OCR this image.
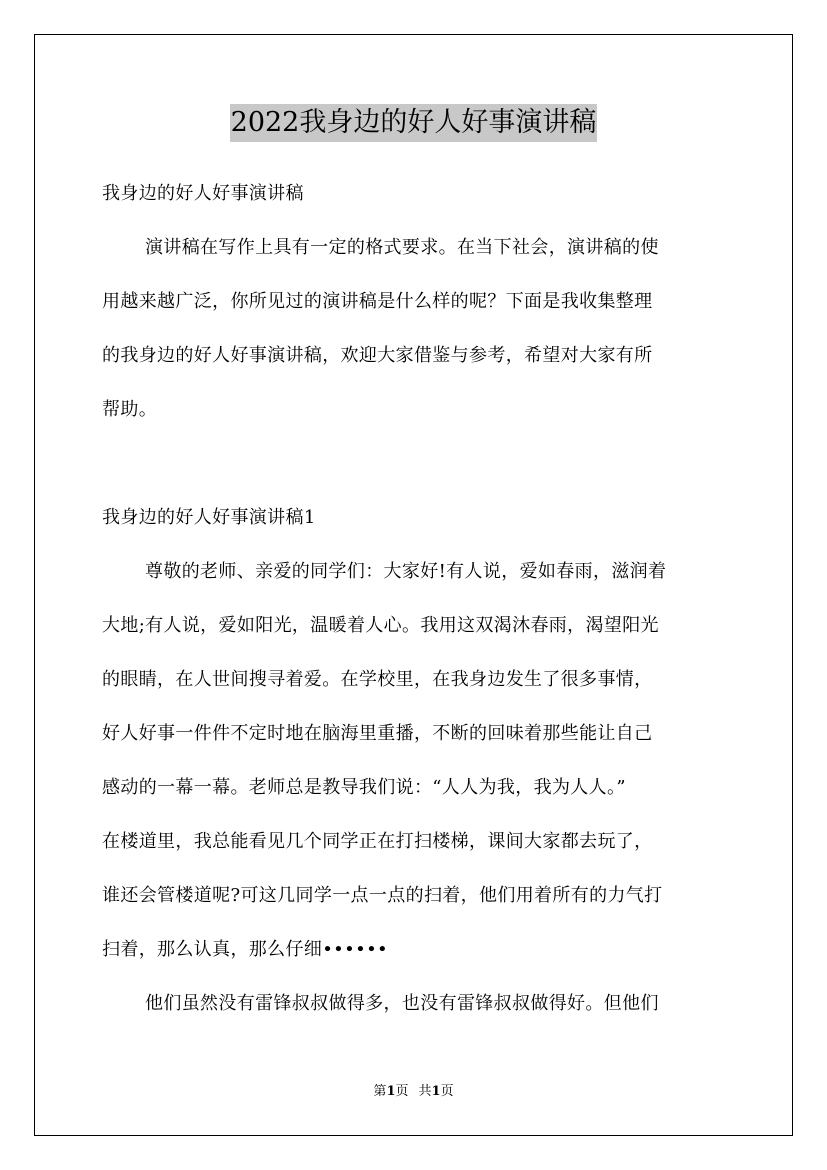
2022我身边的好人好事演讲稿
我身边的好人好事演讲稿
演讲稿在写作上具有一定的格式要求。在当下社会，演讲稿的使
用越来越广泛，你所见过的演讲稿是什么样的呢？下面是我收集整理
的我身边的好人好事演讲稿，欢迎大家借鉴与参考，希望对大家有所
帮助。
我身边的好人好事演讲稿1
尊敬的老师、亲爱的同学们：大家好!有人说，爱如春雨，滋润着
大地;有人说，爱如阳光，温暖着人心。我用这双渴沐春雨，渴望阳光
的眼睛，在人世间搜寻着爱。在学校里，在我身边发生了很多事情，
好人好事一件件不定时地在脑海里重播，不断的回味着那些能让自己
感动的一幕一幕。老师总是教导我们说：“人人为我，我为人人。”
在楼道里，我总能看见几个同学正在打扫楼梯，课间大家都去玩了，
谁还会管楼道呢?可这几同学一点一点的扫着，他们用着所有的力气打
扫着，那么认真，那么仔细••••••
他们虽然没有雷锋叔叔做得多，也没有雷锋叔叔做得好。但他们
第1页 共1页
